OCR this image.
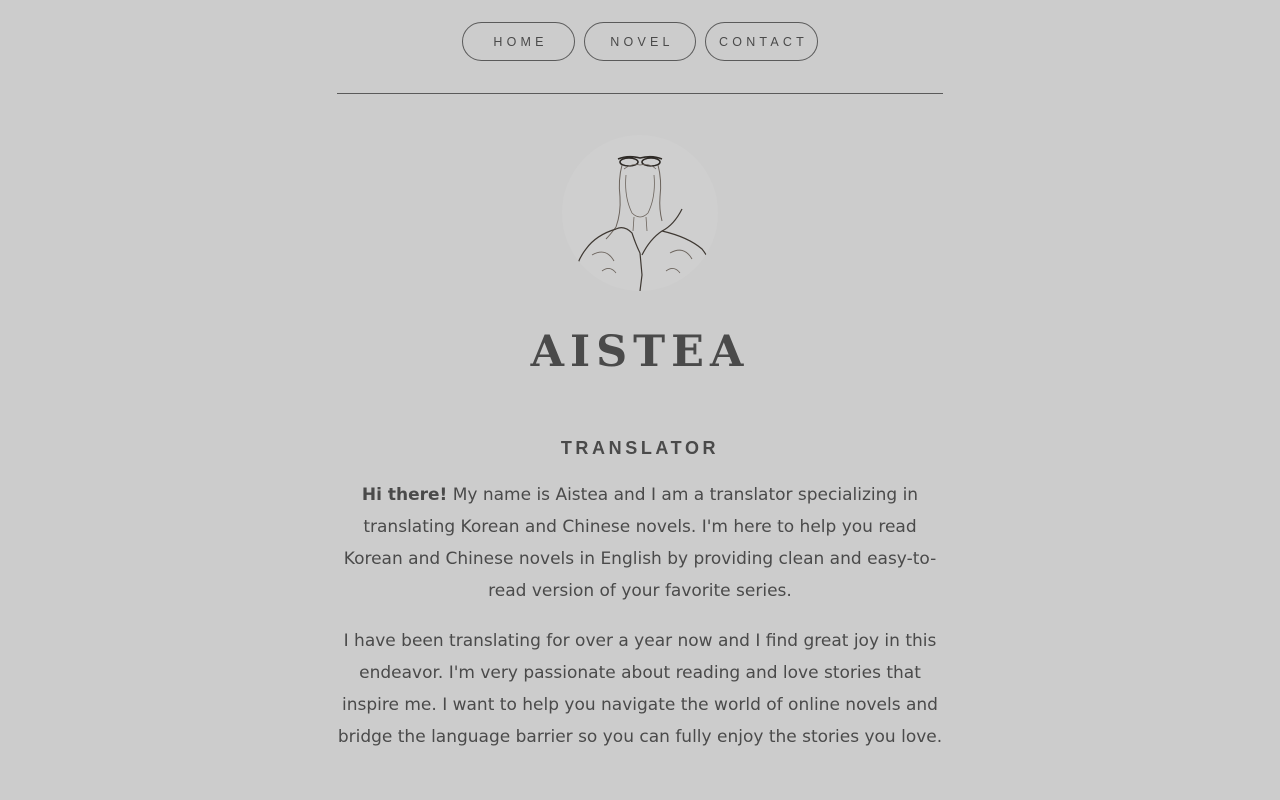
HOME	NOVEL	CONTACT
AISTEA
TRANSLATOR

Hi there! My name is Aistea and I am a translator specializing in translating Korean and Chinese novels. I'm here to help you read Korean and Chinese novels in English by providing clean and easy-to-read version of your favorite series.

I have been translating for over a year now and I find great joy in this endeavor. I'm very passionate about reading and love stories that inspire me. I want to help you navigate the world of online novels and bridge the language barrier so you can fully enjoy the stories you love.
